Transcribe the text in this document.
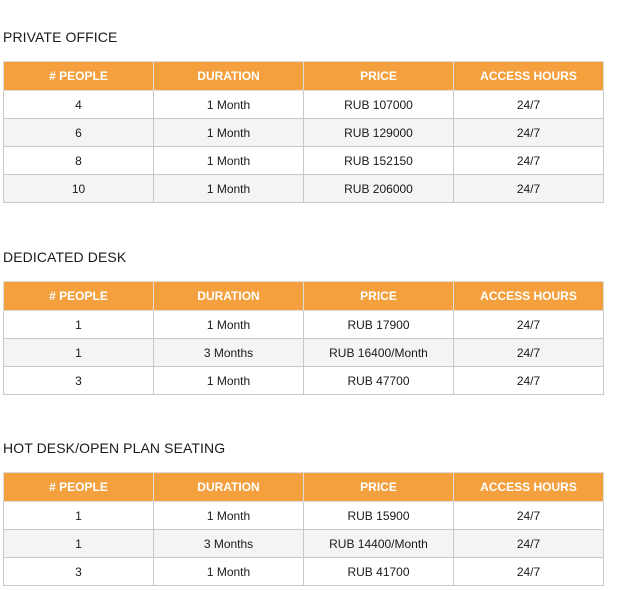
PRIVATE OFFICE
# PEOPLE	DURATION	PRICE	ACCESS HOURS
4	1 Month	RUB 107000	24/7
6	1 Month	RUB 129000	24/7
8	1 Month	RUB 152150	24/7
10	1 Month	RUB 206000	24/7
DEDICATED DESK
# PEOPLE	DURATION	PRICE	ACCESS HOURS
1	1 Month	RUB 17900	24/7
1	3 Months	RUB 16400/Month	24/7
3	1 Month	RUB 47700	24/7
HOT DESK/OPEN PLAN SEATING
# PEOPLE	DURATION	PRICE	ACCESS HOURS
1	1 Month	RUB 15900	24/7
1	3 Months	RUB 14400/Month	24/7
3	1 Month	RUB 41700	24/7
